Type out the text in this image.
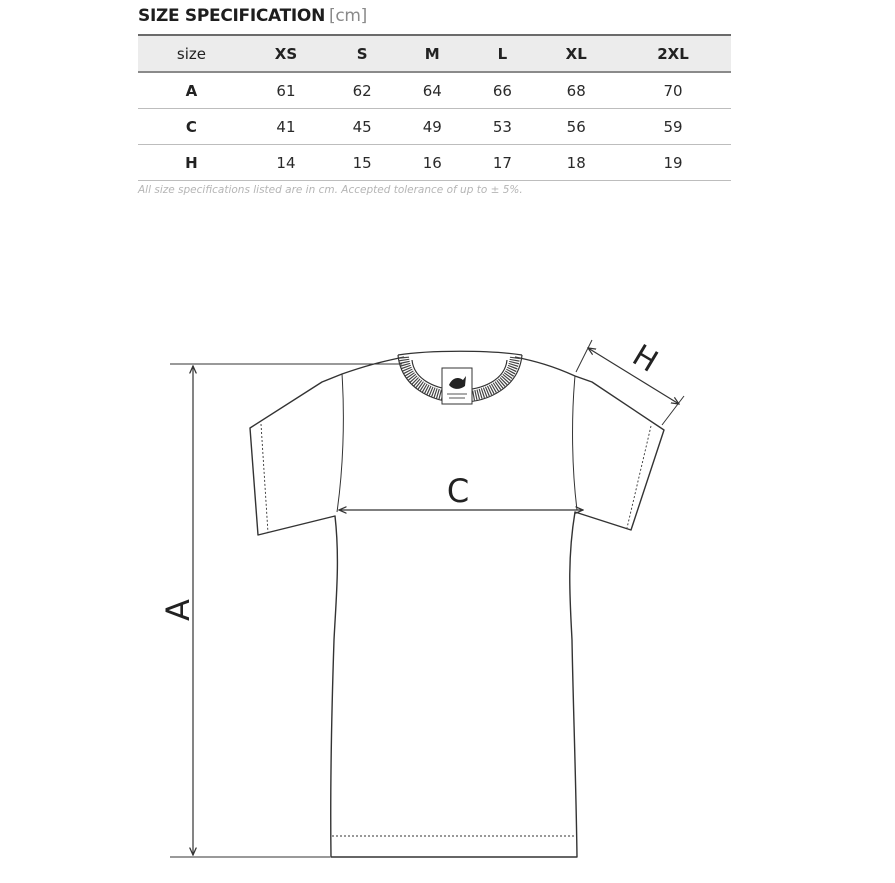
SIZE SPECIFICATION [cm]
size	XS	S	M	L	XL	2XL
A	61	62	64	66	68	70
C	41	45	49	53	56	59
H	14	15	16	17	18	19
All size specifications listed are in cm. Accepted tolerance of up to ± 5%.
A
C
H
